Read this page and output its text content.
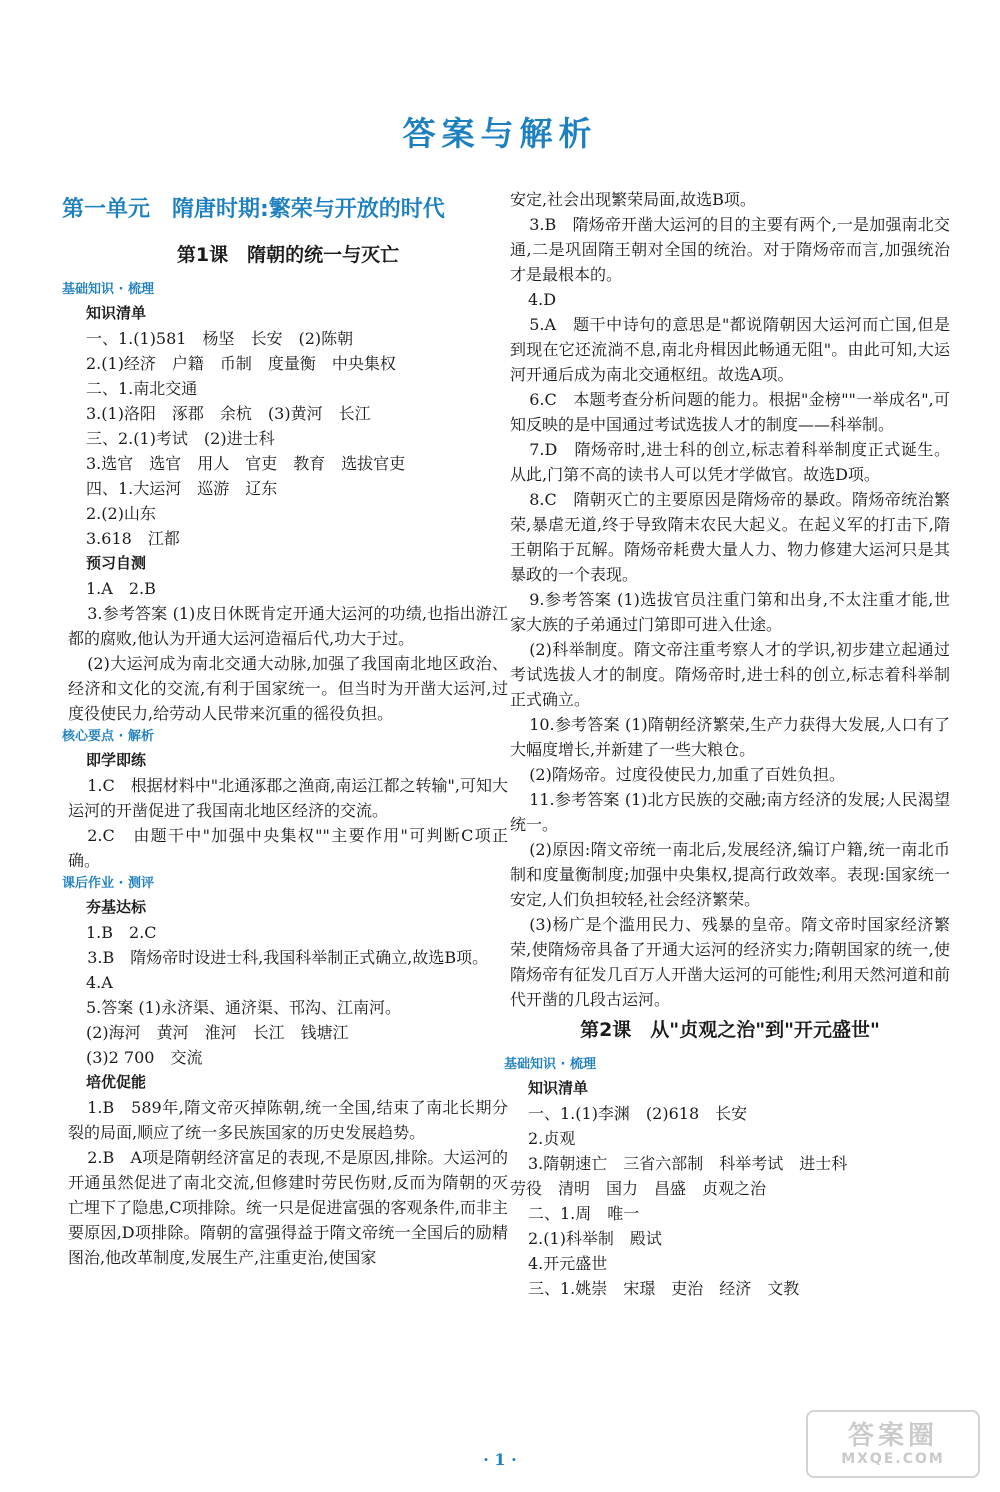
答案与解析
第一单元　隋唐时期:繁荣与开放的时代
第1课　隋朝的统一与灭亡
基础知识 · 梳理
知识清单
一、1.(1)581　杨坚　长安　(2)陈朝
2.(1)经济　户籍　币制　度量衡　中央集权
二、1.南北交通
3.(1)洛阳　涿郡　余杭　(3)黄河　长江
三、2.(1)考试　(2)进士科
3.选官　选官　用人　官吏　教育　选拔官吏
四、1.大运河　巡游　辽东
2.(2)山东
3.618　江都
预习自测
1.A　2.B
3.参考答案 (1)皮日休既肯定开通大运河的功绩,也指出游江都的腐败,他认为开通大运河造福后代,功大于过。
(2)大运河成为南北交通大动脉,加强了我国南北地区政治、经济和文化的交流,有利于国家统一。但当时为开凿大运河,过度役使民力,给劳动人民带来沉重的徭役负担。
核心要点 · 解析
即学即练
1.C　根据材料中"北通涿郡之渔商,南运江都之转输",可知大运河的开凿促进了我国南北地区经济的交流。
2.C　由题干中"加强中央集权""主要作用"可判断C项正确。
课后作业 · 测评
夯基达标
1.B　2.C
3.B　隋炀帝时设进士科,我国科举制正式确立,故选B项。
4.A
5.答案 (1)永济渠、通济渠、邗沟、江南河。
(2)海河　黄河　淮河　长江　钱塘江
(3)2 700　交流
培优促能
1.B　589年,隋文帝灭掉陈朝,统一全国,结束了南北长期分裂的局面,顺应了统一多民族国家的历史发展趋势。
2.B　A项是隋朝经济富足的表现,不是原因,排除。大运河的开通虽然促进了南北交流,但修建时劳民伤财,反而为隋朝的灭亡埋下了隐患,C项排除。统一只是促进富强的客观条件,而非主要原因,D项排除。隋朝的富强得益于隋文帝统一全国后的励精图治,他改革制度,发展生产,注重吏治,使国家
安定,社会出现繁荣局面,故选B项。
3.B　隋炀帝开凿大运河的目的主要有两个,一是加强南北交通,二是巩固隋王朝对全国的统治。对于隋炀帝而言,加强统治才是最根本的。
4.D
5.A　题干中诗句的意思是"都说隋朝因大运河而亡国,但是到现在它还流淌不息,南北舟楫因此畅通无阻"。由此可知,大运河开通后成为南北交通枢纽。故选A项。
6.C　本题考查分析问题的能力。根据"金榜""一举成名",可知反映的是中国通过考试选拔人才的制度——科举制。
7.D　隋炀帝时,进士科的创立,标志着科举制度正式诞生。从此,门第不高的读书人可以凭才学做官。故选D项。
8.C　隋朝灭亡的主要原因是隋炀帝的暴政。隋炀帝统治繁荣,暴虐无道,终于导致隋末农民大起义。在起义军的打击下,隋王朝陷于瓦解。隋炀帝耗费大量人力、物力修建大运河只是其暴政的一个表现。
9.参考答案 (1)选拔官员注重门第和出身,不太注重才能,世家大族的子弟通过门第即可进入仕途。
(2)科举制度。隋文帝注重考察人才的学识,初步建立起通过考试选拔人才的制度。隋炀帝时,进士科的创立,标志着科举制正式确立。
10.参考答案 (1)隋朝经济繁荣,生产力获得大发展,人口有了大幅度增长,并新建了一些大粮仓。
(2)隋炀帝。过度役使民力,加重了百姓负担。
11.参考答案 (1)北方民族的交融;南方经济的发展;人民渴望统一。
(2)原因:隋文帝统一南北后,发展经济,编订户籍,统一南北币制和度量衡制度;加强中央集权,提高行政效率。表现:国家统一安定,人们负担较轻,社会经济繁荣。
(3)杨广是个滥用民力、残暴的皇帝。隋文帝时国家经济繁荣,使隋炀帝具备了开通大运河的经济实力;隋朝国家的统一,使隋炀帝有征发几百万人开凿大运河的可能性;利用天然河道和前代开凿的几段古运河。
第2课　从"贞观之治"到"开元盛世"
基础知识 · 梳理
知识清单
一、1.(1)李渊　(2)618　长安
2.贞观
3.隋朝速亡　三省六部制　科举考试　进士科
劳役　清明　国力　昌盛　贞观之治
二、1.周　唯一
2.(1)科举制　殿试
4.开元盛世
三、1.姚崇　宋璟　吏治　经济　文教
· 1 ·
答案圈
MXQE.COM
